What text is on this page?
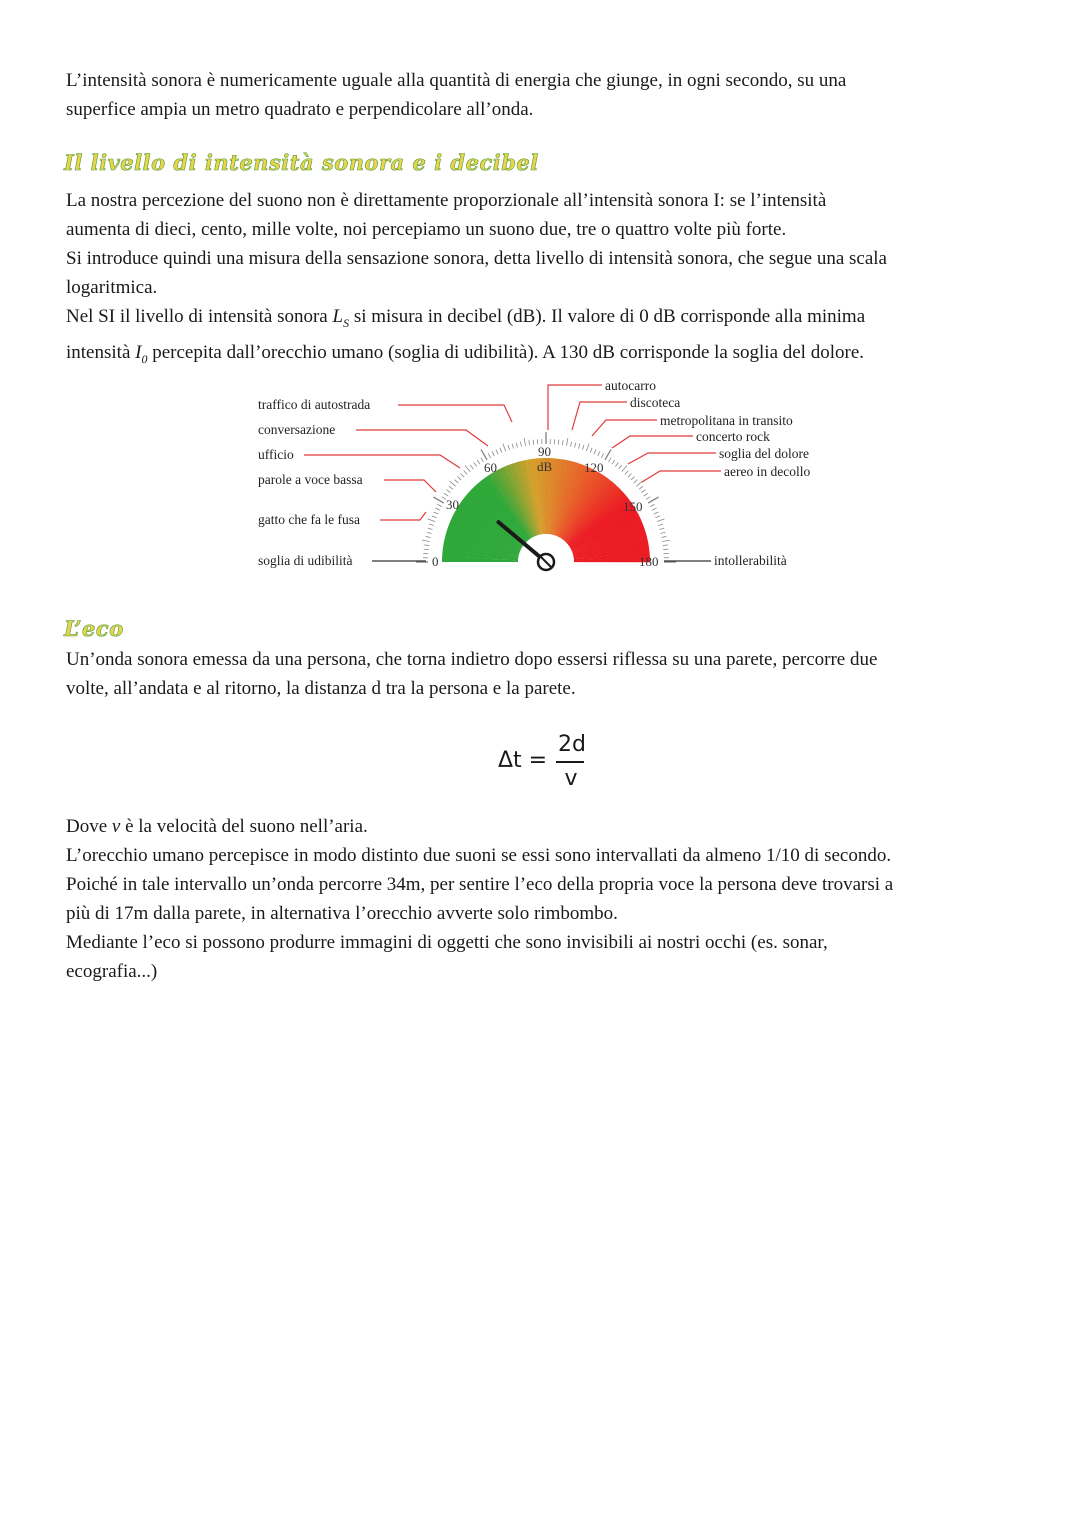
L’intensità sonora è numericamente uguale alla quantità di energia che giunge, in ogni secondo, su una
superfice ampia un metro quadrato e perpendicolare all’onda.

Il livello di intensità sonora e i decibel

La nostra percezione del suono non è direttamente proporzionale all’intensità sonora I: se l’intensità
aumenta di dieci, cento, mille volte, noi percepiamo un suono due, tre o quattro volte più forte.
Si introduce quindi una misura della sensazione sonora, detta livello di intensità sonora, che segue una scala
logaritmica.
Nel SI il livello di intensità sonora $L_S$ si misura in decibel (dB). Il valore di 0 dB corrisponde alla minima
intensità $I_0$ percepita dall’orecchio umano (soglia di udibilità). A 130 dB corrisponde la soglia del dolore.

0
30
60
90
dB 120
150
180
traffico di autostrada
conversazione
ufficio
parole a voce bassa
gatto che fa le fusa
soglia di udibilità
autocarro
discoteca
metropolitana in transito
concerto rock
soglia del dolore
aereo in decollo
intollerabilità
L’eco

Un’onda sonora emessa da una persona, che torna indietro dopo essersi riflessa su una parete, percorre due
volte, all’andata e al ritorno, la distanza d tra la persona e la parete.

Δt =
2d
v

Dove v è la velocità del suono nell’aria.
L’orecchio umano percepisce in modo distinto due suoni se essi sono intervallati da almeno 1/10 di secondo.
Poiché in tale intervallo un’onda percorre 34m, per sentire l’eco della propria voce la persona deve trovarsi a
più di 17m dalla parete, in alternativa l’orecchio avverte solo rimbombo.
Mediante l’eco si possono produrre immagini di oggetti che sono invisibili ai nostri occhi (es. sonar,
ecografia...)
